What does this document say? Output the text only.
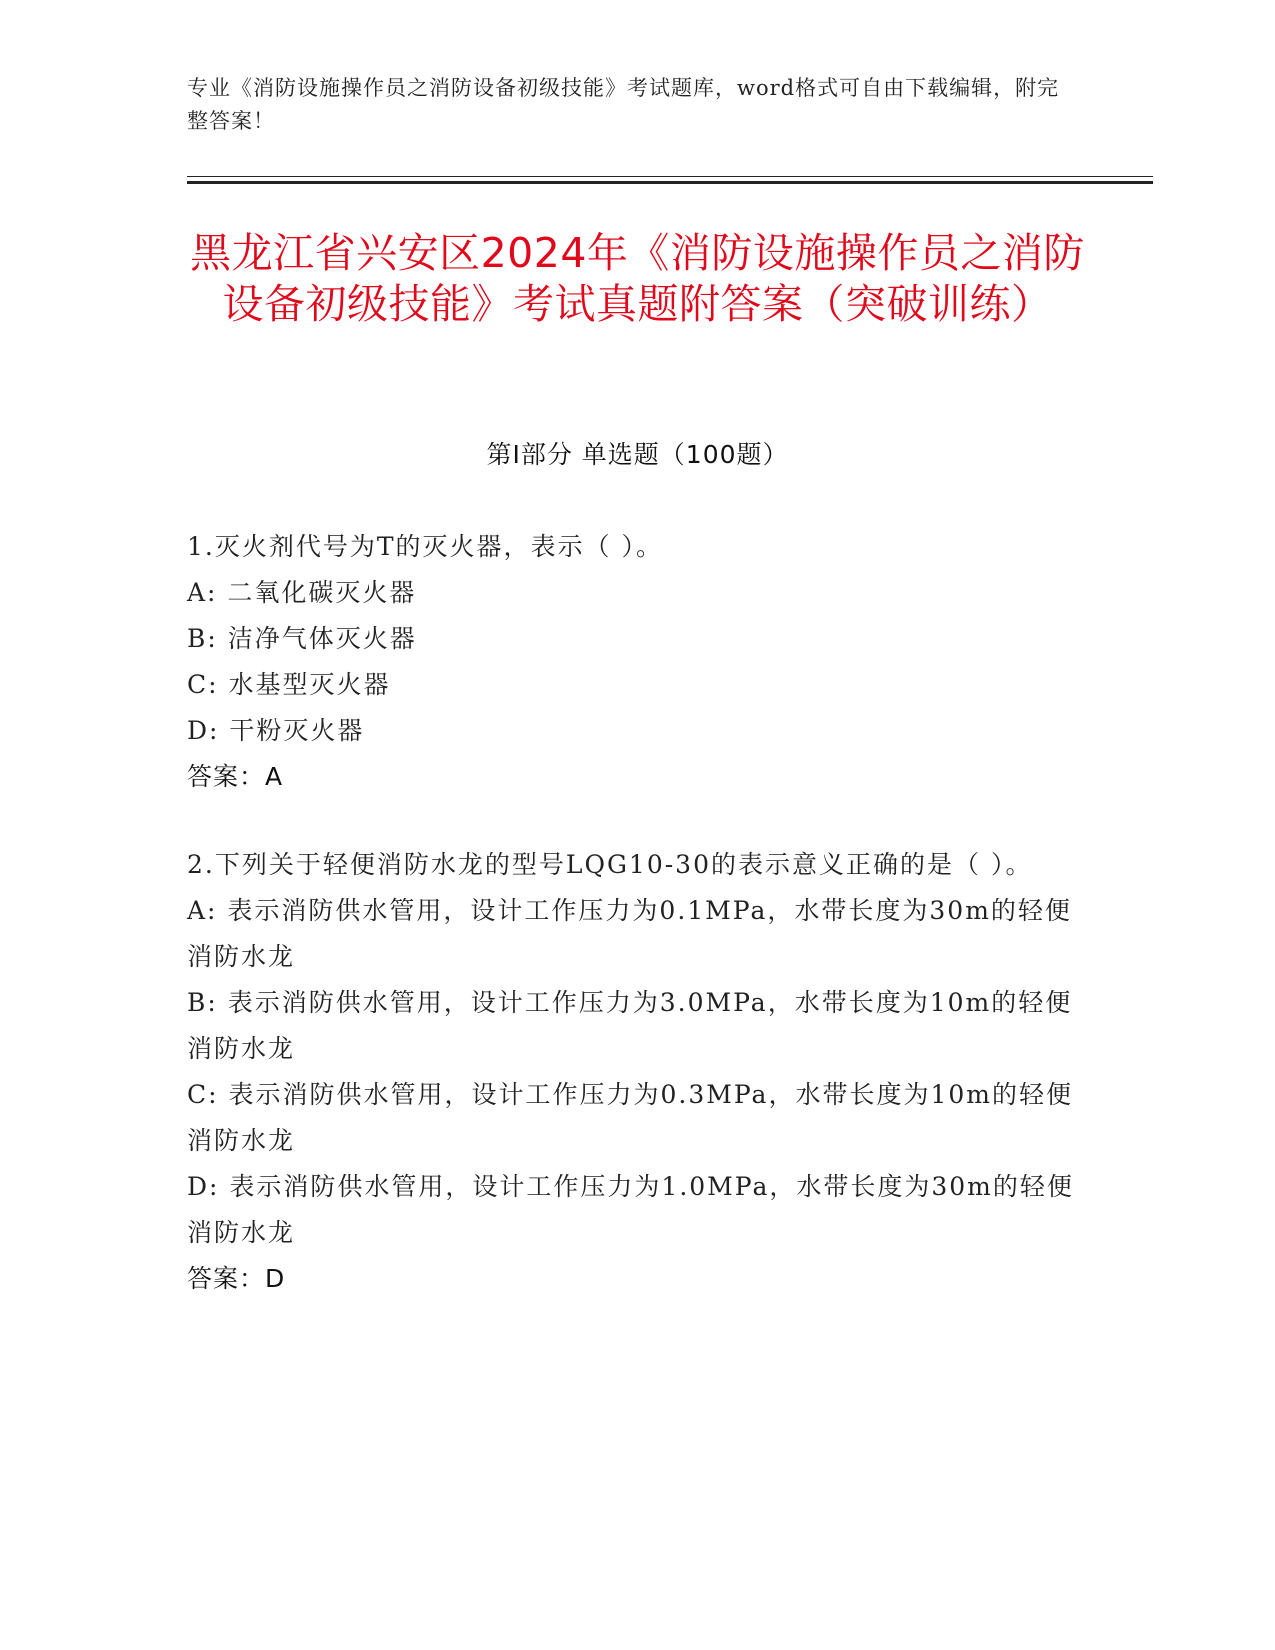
专业《消防设施操作员之消防设备初级技能》考试题库，word格式可自由下载编辑，附完整答案！
黑龙江省兴安区2024年《消防设施操作员之消防设备初级技能》考试真题附答案（突破训练）
第Ⅰ部分 单选题（100题）
1.灭火剂代号为T的灭火器，表示（ ）。
A: 二氧化碳灭火器
B: 洁净气体灭火器
C: 水基型灭火器
D: 干粉灭火器
答案：A
2.下列关于轻便消防水龙的型号LQG10-30的表示意义正确的是（ ）。
A: 表示消防供水管用，设计工作压力为0.1MPa，水带长度为30m的轻便消防水龙
B: 表示消防供水管用，设计工作压力为3.0MPa，水带长度为10m的轻便消防水龙
C: 表示消防供水管用，设计工作压力为0.3MPa，水带长度为10m的轻便消防水龙
D: 表示消防供水管用，设计工作压力为1.0MPa，水带长度为30m的轻便消防水龙
答案：D
